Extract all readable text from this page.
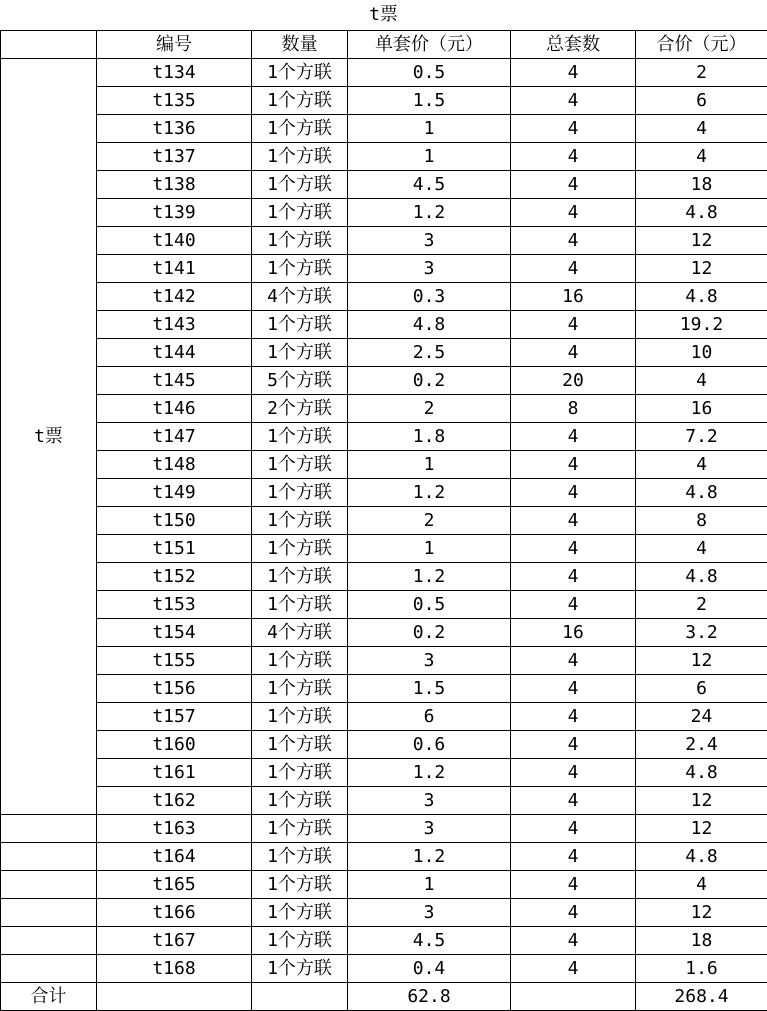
t票
	编号	数量	单套价（元）	总套数	合价（元）
t票	t134	1个方联	0.5	4	2
	t135	1个方联	1.5	4	6
	t136	1个方联	1	4	4
	t137	1个方联	1	4	4
	t138	1个方联	4.5	4	18
	t139	1个方联	1.2	4	4.8
	t140	1个方联	3	4	12
	t141	1个方联	3	4	12
	t142	4个方联	0.3	16	4.8
	t143	1个方联	4.8	4	19.2
	t144	1个方联	2.5	4	10
	t145	5个方联	0.2	20	4
	t146	2个方联	2	8	16
	t147	1个方联	1.8	4	7.2
	t148	1个方联	1	4	4
	t149	1个方联	1.2	4	4.8
	t150	1个方联	2	4	8
	t151	1个方联	1	4	4
	t152	1个方联	1.2	4	4.8
	t153	1个方联	0.5	4	2
	t154	4个方联	0.2	16	3.2
	t155	1个方联	3	4	12
	t156	1个方联	1.5	4	6
	t157	1个方联	6	4	24
	t160	1个方联	0.6	4	2.4
	t161	1个方联	1.2	4	4.8
	t162	1个方联	3	4	12
	t163	1个方联	3	4	12
	t164	1个方联	1.2	4	4.8
	t165	1个方联	1	4	4
	t166	1个方联	3	4	12
	t167	1个方联	4.5	4	18
	t168	1个方联	0.4	4	1.6
合计			62.8		268.4
